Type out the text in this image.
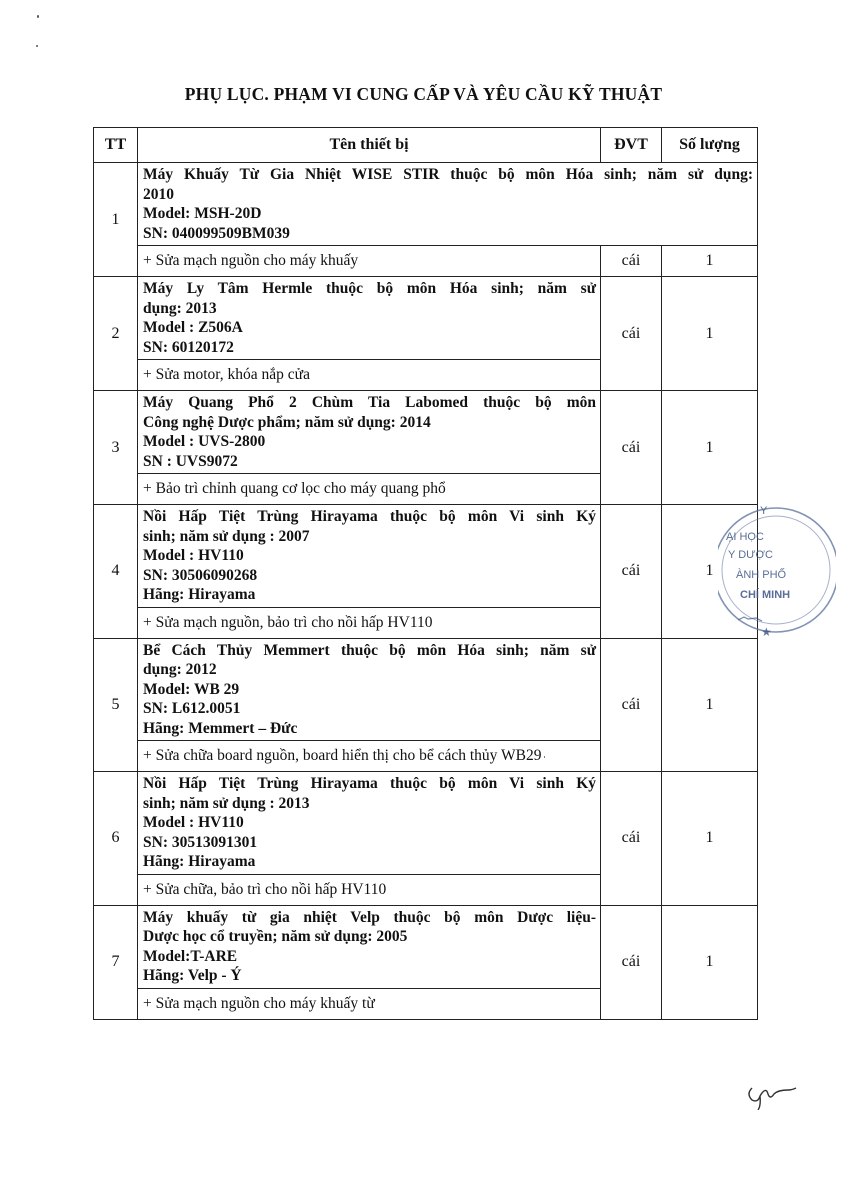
PHỤ LỤC. PHẠM VI CUNG CẤP VÀ YÊU CẦU KỸ THUẬT
TT	Tên thiết bị	ĐVT	Số lượng
1	Máy Khuấy Từ Gia Nhiệt WISE STIR thuộc bộ môn Hóa sinh; năm sử dụng:
2010
Model: MSH-20D
SN: 040099509BM039		

	+ Sửa mạch nguồn cho máy khuấy	cái	1
2	Máy Ly Tâm Hermle thuộc bộ môn Hóa sinh; năm sử
dụng: 2013
Model : Z506A
SN: 60120172	cái	1
	+ Sửa motor, khóa nắp cửa		
3	Máy Quang Phổ 2 Chùm Tia Labomed thuộc bộ môn
Công nghệ Dược phẩm; năm sử dụng: 2014
Model : UVS-2800
SN : UVS9072	cái	1
	+ Bảo trì chỉnh quang cơ lọc cho máy quang phổ		
4	Nồi Hấp Tiệt Trùng Hirayama thuộc bộ môn Vi sinh Ký
sinh; năm sử dụng : 2007
Model : HV110
SN: 30506090268
Hãng: Hirayama	cái	1
	+ Sửa mạch nguồn, bảo trì cho nồi hấp HV110		
5	Bể Cách Thủy Memmert thuộc bộ môn Hóa sinh; năm sử
dụng: 2012
Model: WB 29
SN: L612.0051
Hãng: Memmert – Đức	cái	1
	+ Sửa chữa board nguồn, board hiển thị cho bể cách thủy WB29		
6	Nồi Hấp Tiệt Trùng Hirayama thuộc bộ môn Vi sinh Ký
sinh; năm sử dụng : 2013
Model : HV110
SN: 30513091301
Hãng: Hirayama	cái	1
	+ Sửa chữa, bảo trì cho nồi hấp HV110		
7	Máy khuấy từ gia nhiệt Velp thuộc bộ môn Dược liệu-
Dược học cổ truyền; năm sử dụng: 2005
Model:T-ARE
Hãng: Velp - Ý	cái	1
	+ Sửa mạch nguồn cho máy khuấy từ		
Y
ẠI HỌC
Y DƯỢC
ÀNH PHỐ
CHÍ MINH
★
